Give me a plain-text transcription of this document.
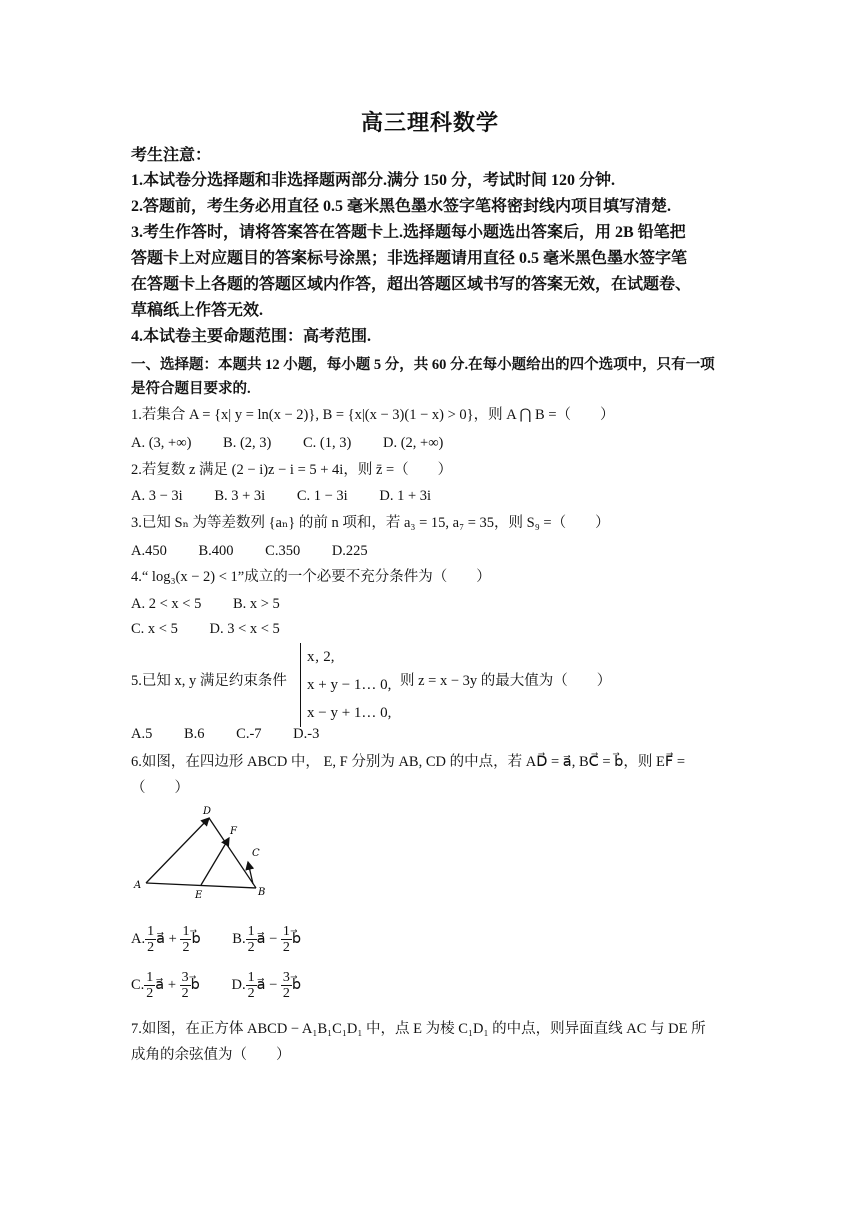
高三理科数学
考生注意：
1.本试卷分选择题和非选择题两部分.满分 150 分，考试时间 120 分钟.
2.答题前，考生务必用直径 0.5 毫米黑色墨水签字笔将密封线内项目填写清楚.
3.考生作答时，请将答案答在答题卡上.选择题每小题选出答案后，用 2B 铅笔把
答题卡上对应题目的答案标号涂黑；非选择题请用直径 0.5 毫米黑色墨水签字笔
在答题卡上各题的答题区域内作答，超出答题区域书写的答案无效，在试题卷、
草稿纸上作答无效.
4.本试卷主要命题范围：高考范围.
一、选择题：本题共 12 小题，每小题 5 分，共 60 分.在每小题给出的四个选项中，只有一项
是符合题目要求的.
1.若集合 A = {x| y = ln(x − 2)}, B = {x|(x − 3)(1 − x) > 0}，则 A ⋂ B =（　　）
A. (3, +∞) B. (2, 3) C. (1, 3) D. (2, +∞)
2.若复数 z 满足 (2 − i)z − i = 5 + 4i，则 z̄ =（　　）
A. 3 − 3i B. 3 + 3i C. 1 − 3i D. 1 + 3i
3.已知 Sₙ 为等差数列 {aₙ} 的前 n 项和，若 a₃ = 15, a₇ = 35，则 S₉ =（　　）
A.450 B.400 C.350 D.225
4.“ log₃(x − 2) < 1”成立的一个必要不充分条件为（　　）
A. 2 < x < 5 B. x > 5
C. x < 5 D. 3 < x < 5
5.已知 x, y 满足约束条件
x‚ 2,
x + y − 1… 0,
x − y + 1… 0,
则 z = x − 3y 的最大值为（　　）
A.5 B.6 C.-7 D.-3
6.如图，在四边形 ABCD 中， E, F 分别为 AB, CD 的中点，若 AD⃗ = a⃗, BC⃗ = b⃗，则 EF⃗ =
（　　）
D
F
C
A
E	B
A. $\frac{1}{2}$ a⃗ + $\frac{1}{2}$ b⃗ B. $\frac{1}{2}$ a⃗ − $\frac{1}{2}$ b⃗
C. $\frac{1}{2}$ a⃗ + $\frac{3}{2}$ b⃗ D. $\frac{1}{2}$ a⃗ − $\frac{3}{2}$ b⃗
7.如图，在正方体 ABCD − A₁B₁C₁D₁ 中，点 E 为棱 C₁D₁ 的中点，则异面直线 AC 与 DE 所
成角的余弦值为（　　）
